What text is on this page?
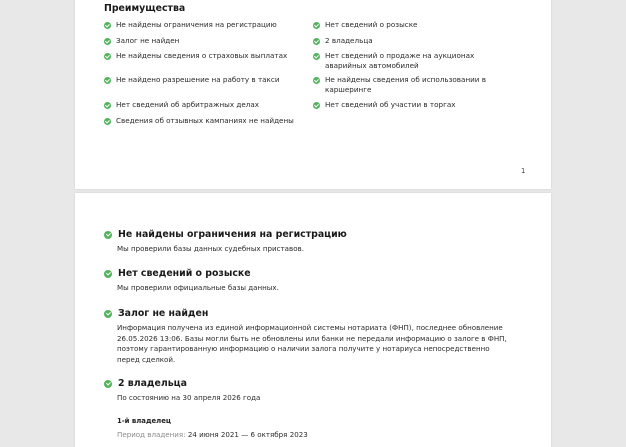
Преимущества
Не найдены ограничения на регистрацию
Залог не найден
Не найдены сведения о страховых выплатах
Не найдено разрешение на работу в такси
Нет сведений об арбитражных делах
Сведения об отзывных кампаниях не найдены
Нет сведений о розыске
2 владельца
Нет сведений о продаже на аукционах аварийных автомобилей
Не найдены сведения об использовании в каршеринге
Нет сведений об участии в торгах
1
Не найдены ограничения на регистрацию
Мы проверили базы данных судебных приставов.
Нет сведений о розыске
Мы проверили официальные базы данных.
Залог не найден
Информация получена из единой информационной системы нотариата (ФНП), последнее обновление 26.05.2026 13:06. Базы могли быть не обновлены или банки не передали информацию о залоге в ФНП, поэтому гарантированную информацию о наличии залога получите у нотариуса непосредственно перед сделкой.
2 владельца
По состоянию на 30 апреля 2026 года
1-й владелец
Период владения: 24 июня 2021 — 6 октября 2023
